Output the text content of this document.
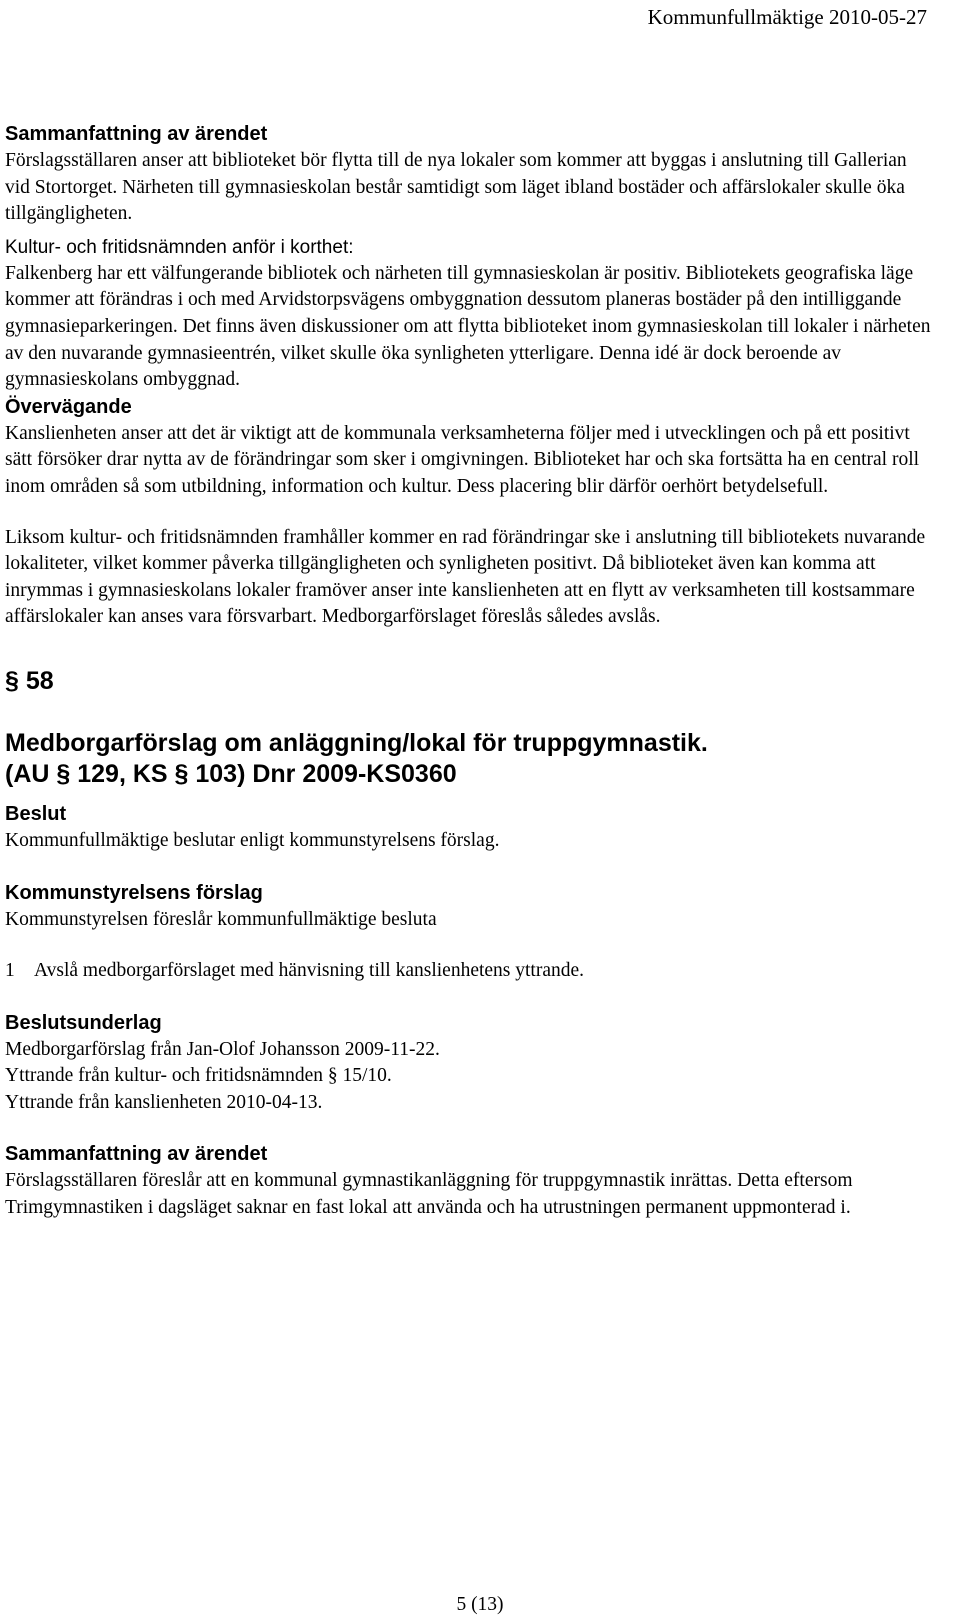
Kommunfullmäktige 2010-05-27
Sammanfattning av ärendet

Förslagsställaren anser att biblioteket bör flytta till de nya lokaler som kommer att byggas i anslutning till Gallerian vid Stortorget. Närheten till gymnasieskolan består samtidigt som läget ibland bostäder och affärslokaler skulle öka tillgängligheten.

Kultur- och fritidsnämnden anför i korthet:

Falkenberg har ett välfungerande bibliotek och närheten till gymnasieskolan är positiv. Bibliotekets geografiska läge kommer att förändras i och med Arvidstorpsvägens ombyggnation dessutom planeras bostäder på den intilliggande gymnasieparkeringen. Det finns även diskussioner om att flytta biblioteket inom gymnasieskolan till lokaler i närheten av den nuvarande gymnasieentrén, vilket skulle öka synligheten ytterligare. Denna idé är dock beroende av gymnasieskolans ombyggnad.

Övervägande

Kanslienheten anser att det är viktigt att de kommunala verksamheterna följer med i utvecklingen och på ett positivt sätt försöker drar nytta av de förändringar som sker i omgivningen. Biblioteket har och ska fortsätta ha en central roll inom områden så som utbildning, information och kultur. Dess placering blir därför oerhört betydelsefull.

Liksom kultur- och fritidsnämnden framhåller kommer en rad förändringar ske i anslutning till bibliotekets nuvarande lokaliteter, vilket kommer påverka tillgängligheten och synligheten positivt. Då biblioteket även kan komma att inrymmas i gymnasieskolans lokaler framöver anser inte kanslienheten att en flytt av verksamheten till kostsammare affärslokaler kan anses vara försvarbart. Medborgarförslaget föreslås således avslås.

§ 58
Medborgarförslag om anläggning/lokal för truppgymnastik.
(AU § 129, KS § 103) Dnr 2009-KS0360
Beslut

Kommunfullmäktige beslutar enligt kommunstyrelsens förslag.

Kommunstyrelsens förslag

Kommunstyrelsen föreslår kommunfullmäktige besluta

1 Avslå medborgarförslaget med hänvisning till kanslienhetens yttrande.

Beslutsunderlag

Medborgarförslag från Jan-Olof Johansson 2009-11-22.

Yttrande från kultur- och fritidsnämnden § 15/10.

Yttrande från kanslienheten 2010-04-13.

Sammanfattning av ärendet

Förslagsställaren föreslår att en kommunal gymnastikanläggning för truppgymnastik inrättas. Detta eftersom Trimgymnastiken i dagsläget saknar en fast lokal att använda och ha utrustningen permanent uppmonterad i.

5 (13)
